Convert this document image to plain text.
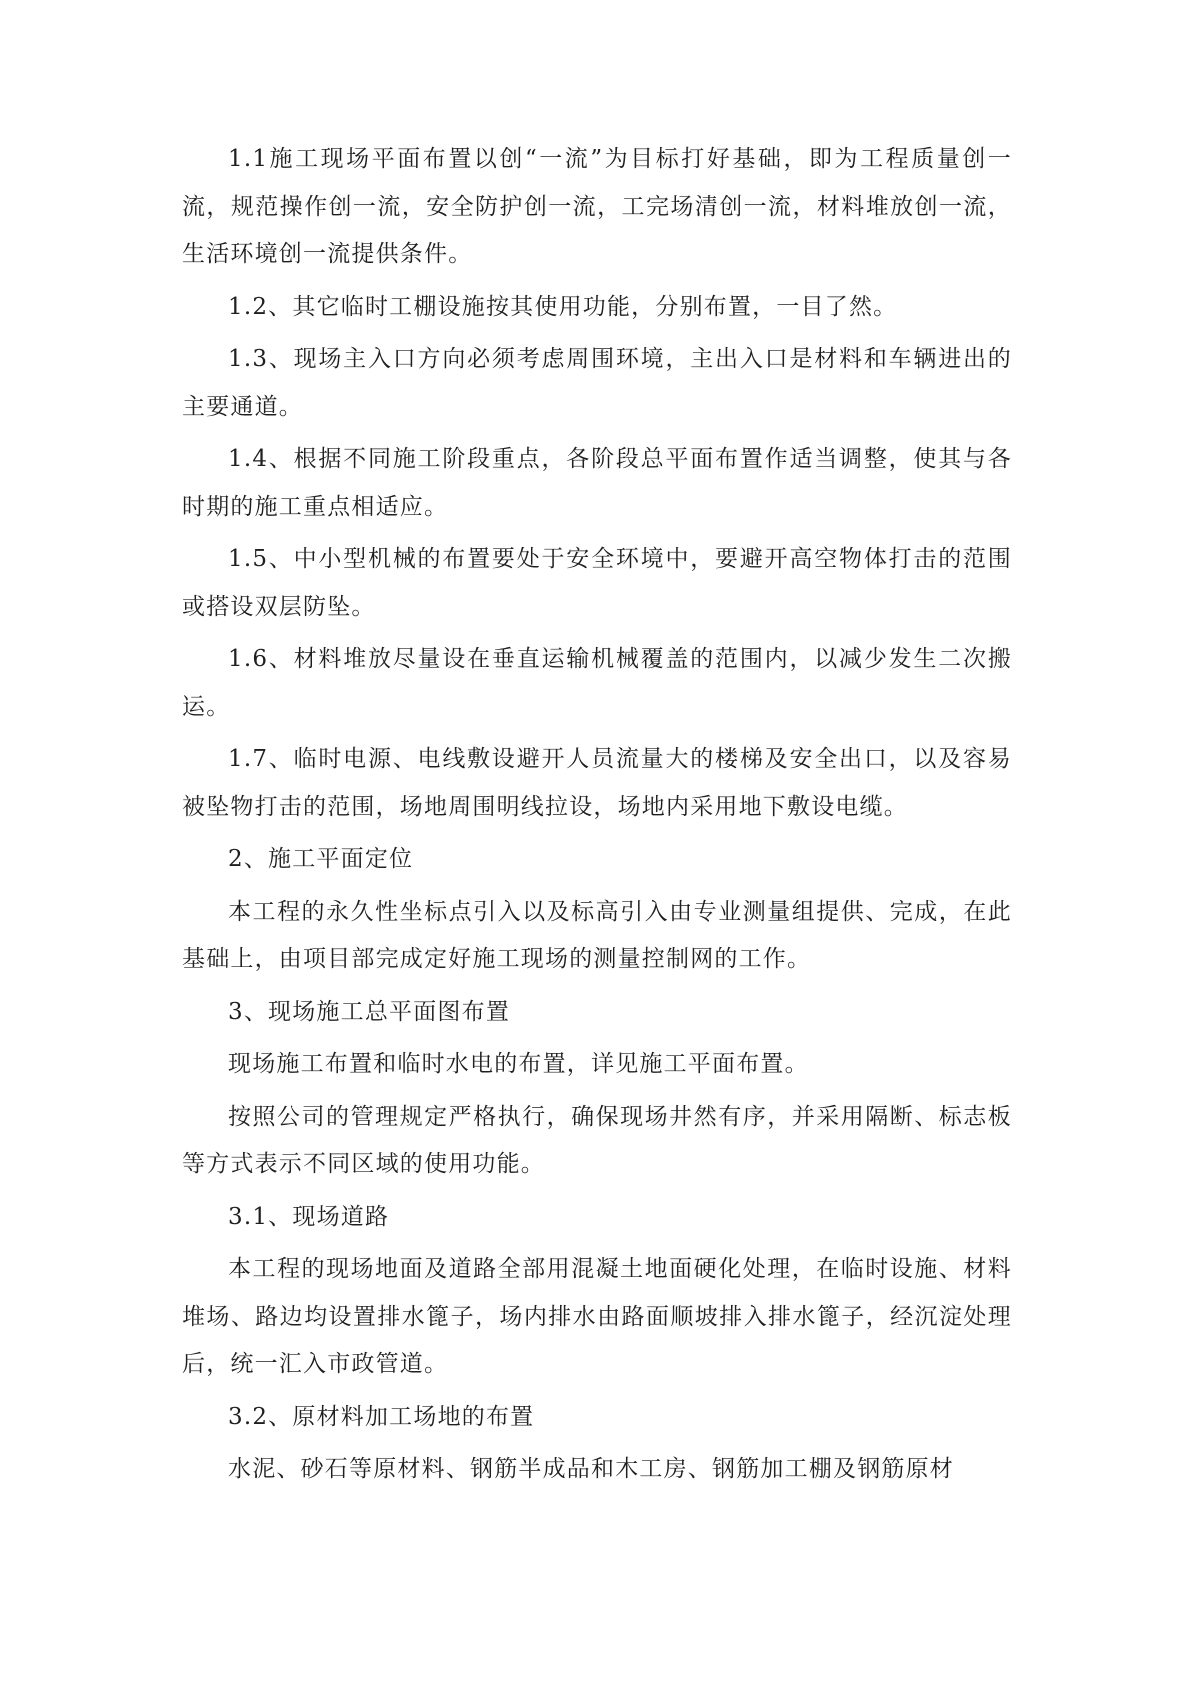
1.1施工现场平面布置以创“一流”为目标打好基础，即为工程质量创一流，规范操作创一流，安全防护创一流，工完场清创一流，材料堆放创一流，生活环境创一流提供条件。

1.2、其它临时工棚设施按其使用功能，分别布置，一目了然。

1.3、现场主入口方向必须考虑周围环境，主出入口是材料和车辆进出的主要通道。

1.4、根据不同施工阶段重点，各阶段总平面布置作适当调整，使其与各时期的施工重点相适应。

1.5、中小型机械的布置要处于安全环境中，要避开高空物体打击的范围或搭设双层防坠。

1.6、材料堆放尽量设在垂直运输机械覆盖的范围内，以减少发生二次搬运。

1.7、临时电源、电线敷设避开人员流量大的楼梯及安全出口，以及容易被坠物打击的范围，场地周围明线拉设，场地内采用地下敷设电缆。

2、施工平面定位

本工程的永久性坐标点引入以及标高引入由专业测量组提供、完成，在此基础上，由项目部完成定好施工现场的测量控制网的工作。

3、现场施工总平面图布置

现场施工布置和临时水电的布置，详见施工平面布置。

按照公司的管理规定严格执行，确保现场井然有序，并采用隔断、标志板等方式表示不同区域的使用功能。

3.1、现场道路

本工程的现场地面及道路全部用混凝土地面硬化处理，在临时设施、材料堆场、路边均设置排水篦子，场内排水由路面顺坡排入排水篦子，经沉淀处理后，统一汇入市政管道。

3.2、原材料加工场地的布置

水泥、砂石等原材料、钢筋半成品和木工房、钢筋加工棚及钢筋原材
